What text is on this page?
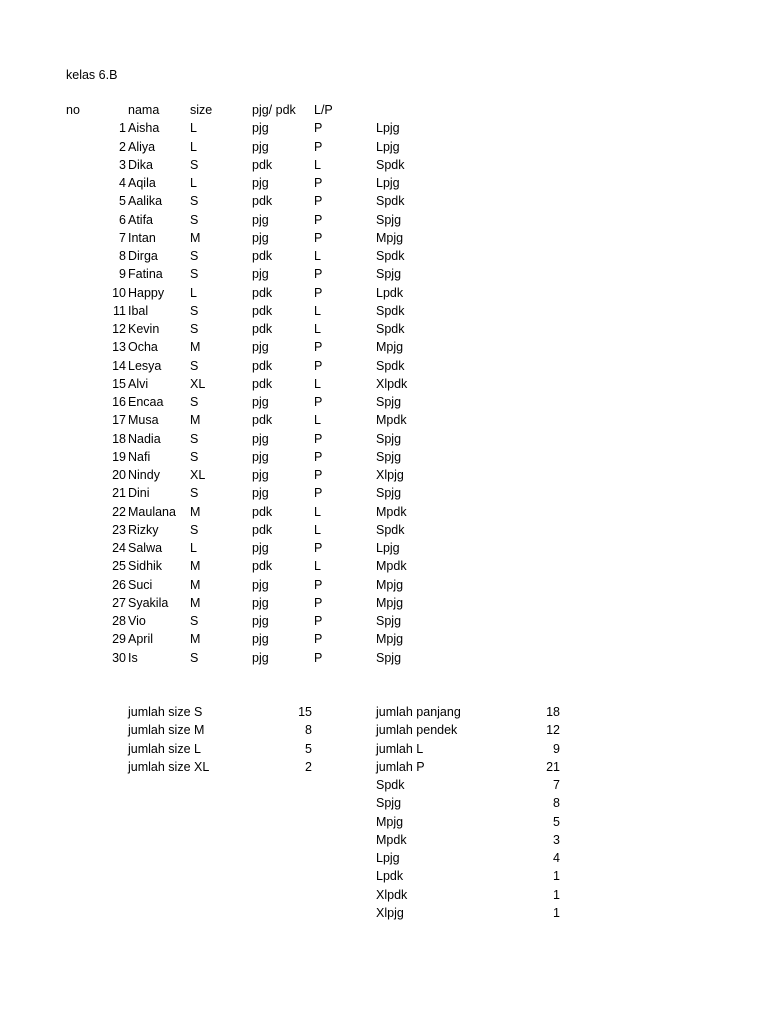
kelas 6.B
no	nama	size	pjg/ pdk	L/P	
1	Aisha	L	pjg	P	Lpjg
2	Aliya	L	pjg	P	Lpjg
3	Dika	S	pdk	L	Spdk
4	Aqila	L	pjg	P	Lpjg
5	Aalika	S	pdk	P	Spdk
6	Atifa	S	pjg	P	Spjg
7	Intan	M	pjg	P	Mpjg
8	Dirga	S	pdk	L	Spdk
9	Fatina	S	pjg	P	Spjg
10	Happy	L	pdk	P	Lpdk
11	Ibal	S	pdk	L	Spdk
12	Kevin	S	pdk	L	Spdk
13	Ocha	M	pjg	P	Mpjg
14	Lesya	S	pdk	P	Spdk
15	Alvi	XL	pdk	L	Xlpdk
16	Encaa	S	pjg	P	Spjg
17	Musa	M	pdk	L	Mpdk
18	Nadia	S	pjg	P	Spjg
19	Nafi	S	pjg	P	Spjg
20	Nindy	XL	pjg	P	Xlpjg
21	Dini	S	pjg	P	Spjg
22	Maulana	M	pdk	L	Mpdk
23	Rizky	S	pdk	L	Spdk
24	Salwa	L	pjg	P	Lpjg
25	Sidhik	M	pdk	L	Mpdk
26	Suci	M	pjg	P	Mpjg
27	Syakila	M	pjg	P	Mpjg
28	Vio	S	pjg	P	Spjg
29	April	M	pjg	P	Mpjg
30	Is	S	pjg	P	Spjg
jumlah size S	15
jumlah size M	8
jumlah size L	5
jumlah size XL	2
jumlah panjang	18
jumlah pendek	12
jumlah L	9
jumlah P	21
Spdk	7
Spjg	8
Mpjg	5
Mpdk	3
Lpjg	4
Lpdk	1
Xlpdk	1
Xlpjg	1
